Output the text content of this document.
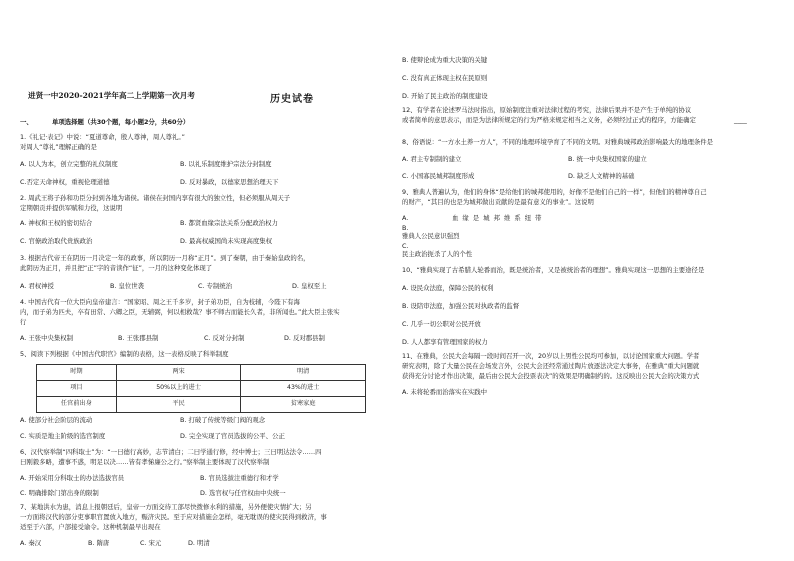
进贤一中2020-2021学年高二上学期第一次月考	历史试卷
一、	单项选择题（共30个题，每小题2分，共60分）
1.《礼记·表记》中说：“夏道尊命，殷人尊神，周人尊礼。”
对周人“尊礼”理解正确的是
A. 以人为本，创立完整的礼仪制度	B. 以礼乐制度维护宗法分封制度
C.否定天命神权，重视伦理道德	D. 反对暴政，以德家思想治理天下
2. 周武王将子孙和功臣分封到各地为诸侯。诸侯在封国内享有很大的独立性，但必须服从周天子
定期朝贡并提供军赋和力役，这说明
A. 神权和王权的密切结合	B. 都贤血缘宗法关系分配政治权力
C. 官僚政治取代贵族政治	D. 最高权威国尚未实现高度集权
3. 根据古代帝王在阴历一月决定一年的政事，所以阴历一月称“正月”。到了秦朝，由于秦始皇政的名，
此阴历为正月，并且把“正”字的音读作“征”，一月的这种变化体现了
A. 君权神授	B. 皇位世袭	C. 专制统治	D. 皇权至上
4. 中国古代有一位大臣向皇帝建言：“国家昭、周之王千多岁，封子弟功臣，自为枝辅，今陛下有海
内，而子弟为匹夫，卒有田常、六卿之臣，无辅弼，何以相救哉？事不师古而能长久者，非所闻也。”此大臣主张实
行
A. 王张中央集权制	B. 王张郡县制	C. 反对分封制	D. 反对郡县制
5、阅读下列根据《中国古代职官》编制的表格，这一表格反映了科举制度
时期	两宋	明清
项目	50%以上的进士	43%的进士
任官前出身	平民	贫寒家庭
A. 使部分社会阶层的流动	B. 打破了传统等级门阀的观念
C. 实质是地主阶级的选官制度	D. 完全实现了官员选拔的公平、公正
6、汉代察举制“四科取士”为：“一曰德行高妙，志节清白；二曰学通行修，经中博士；三曰明达法令……四
曰刚毅多略，遭事不惑，明足以决……皆有孝悌廉公之行。”察举制主要体现了汉代察举制
A. 开始采用分科取士的办法选拔官员	B. 官员选拔注重德行和才学
C. 明确排除门第出身的限制	D. 选官权与任官权由中央统一
7、某地洪水为患，消息上报朝廷后，皇帝一方面交待工部尽快拨修水利的措施，另外便使灾情扩大；另
一方面将汉代的部分吏事职官置放入地方，赈济灾民。至于应对措施会怎样，毫无耽误的使灾民得到救济，事
适至于六部，户部接受谕令。这种机制最早出现在
A. 秦汉	B. 隋唐	C. 宋元	D. 明清
B. 使辩论成为重大决策的关键
C. 没有真正体现主权在民原则
D. 开始了民主政治的制度建设
12、有学者在论述罗马法时指出，原始制度注重对法律过程的考究，法律后果并不是产生于单纯的协议
或者简单的意思表示，而是为法律所规定的行为严格来规定相当之义务，必须经过正式的程序，方能确定	____
8、俗语说：“一方水土养一方人”，不同的地理环境孕育了不同的文明。对雅典城邦政治影响最大的地理条件是
A. 君主专制制的建立	B. 统一中央集权国家的建立
C. 小国寡民城邦制度形成	D. 缺乏人文精神的基础
9、雅典人普遍认为，他们的身体“是给他们的城邦使用的，好像不是他们自己的一样”，但他们的精神尊自己
的财产，“其目的也是为城邦做出贡献的是最有意义的事业”。这说明
A.	血缘是城邦维系纽带
B.
雅典人公民意识强烈
C.
民主政治扼杀了人的个性
10、“雅典实现了古希腊人轮番而治，既是统治者，又是被统治者的理想”。雅典实现这一思想的主要途径是
A. 设民众法庭，保障公民的权利
B. 设陪审法庭，加强公民对执政者的监督
C. 几乎一切公职对公民开放
D. 人人都享有管理国家的权力
11、在雅典，公民大会每隔一段时间召开一次，20岁以上男性公民均可参加，以讨论国家重大问题。学者
研究表明，除了大量公民在会场发言外，公民大会还经常通过陶片放逐法决定大事务，在雅典“重大问题就
获得充分讨论才作出决策，最后由公民大会投票表决”的效果是明确制约的。这反映出公民大会的决策方式
A. 未将轮番而治落实在实践中
